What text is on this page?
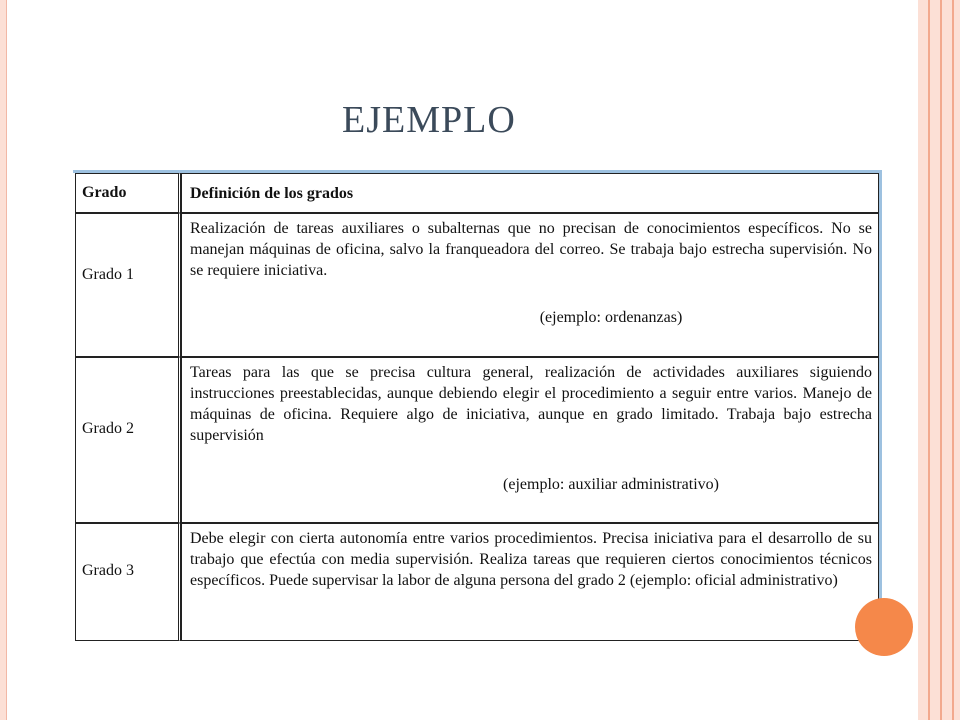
EJEMPLO
Grado	Definición de los grados

Grado 1	Realización de tareas auxiliares o subalternas que no precisan de conocimientos específicos. No se manejan máquinas de oficina, salvo la franqueadora del correo. Se trabaja bajo estrecha supervisión. No se requiere iniciativa.
(ejemplo: ordenanzas)

Grado 2	Tareas para las que se precisa cultura general, realización de actividades auxiliares siguiendo instrucciones preestablecidas, aunque debiendo elegir el procedimiento a seguir entre varios. Manejo de máquinas de oficina. Requiere algo de iniciativa, aunque en grado limitado. Trabaja bajo estrecha supervisión
(ejemplo: auxiliar administrativo)

Grado 3	Debe elegir con cierta autonomía entre varios procedimientos. Precisa iniciativa para el desarrollo de su trabajo que efectúa con media supervisión. Realiza tareas que requieren ciertos conocimientos técnicos específicos. Puede supervisar la labor de alguna persona del grado 2 (ejemplo: oficial administrativo)
